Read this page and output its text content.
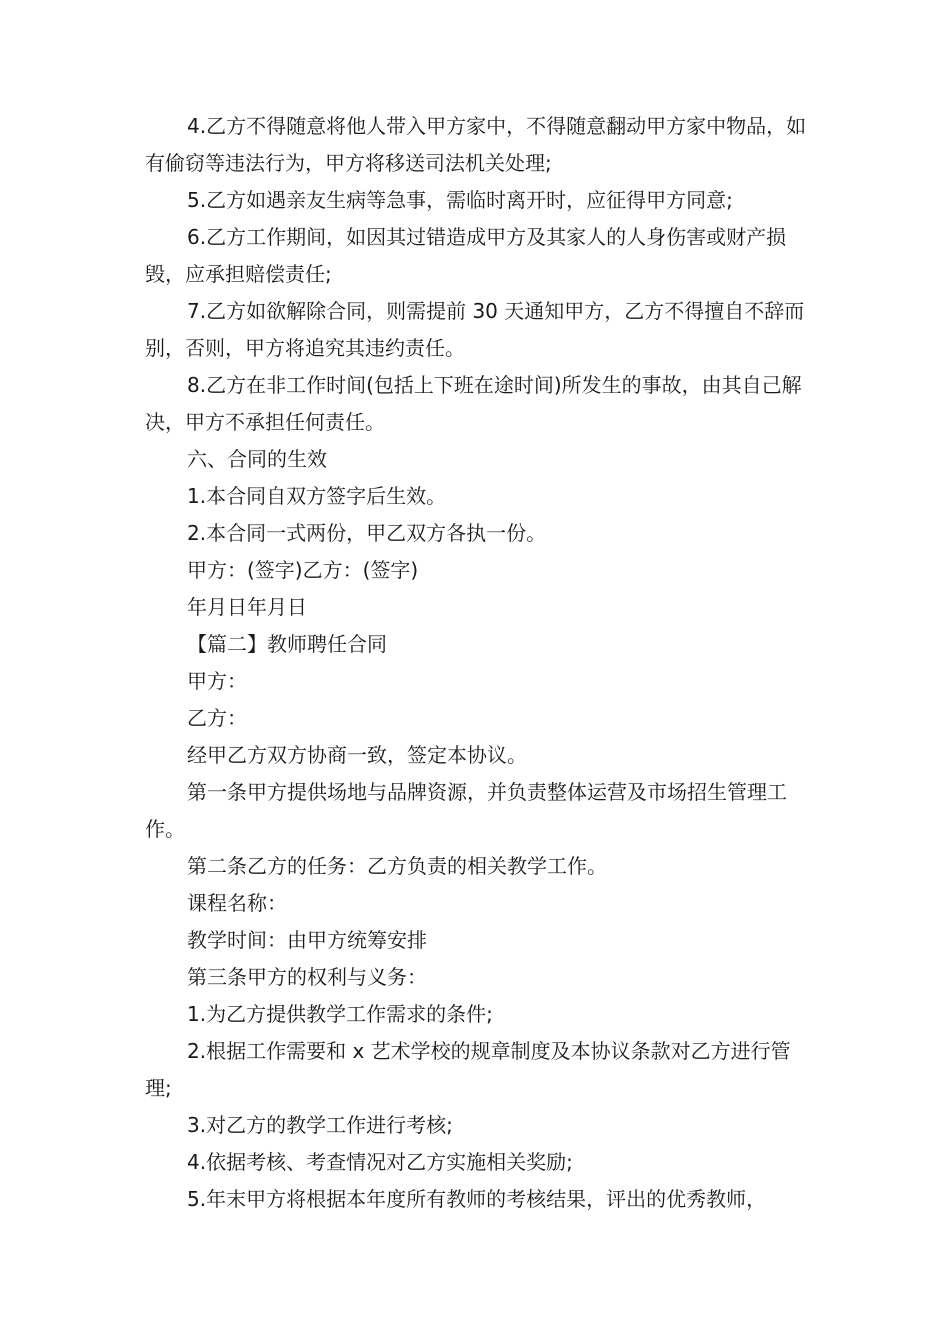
4.乙方不得随意将他人带入甲方家中，不得随意翻动甲方家中物品，如有偷窃等违法行为，甲方将移送司法机关处理;

5.乙方如遇亲友生病等急事，需临时离开时，应征得甲方同意;

6.乙方工作期间，如因其过错造成甲方及其家人的人身伤害或财产损毁，应承担赔偿责任;

7.乙方如欲解除合同，则需提前 30 天通知甲方，乙方不得擅自不辞而别，否则，甲方将追究其违约责任。

8.乙方在非工作时间(包括上下班在途时间)所发生的事故，由其自己解决，甲方不承担任何责任。

六、合同的生效

1.本合同自双方签字后生效。

2.本合同一式两份，甲乙双方各执一份。

甲方：(签字)乙方：(签字)

年月日年月日

【篇二】教师聘任合同

甲方：

乙方：

经甲乙方双方协商一致，签定本协议。

第一条甲方提供场地与品牌资源，并负责整体运营及市场招生管理工作。

第二条乙方的任务：乙方负责的相关教学工作。

课程名称：

教学时间：由甲方统筹安排

第三条甲方的权利与义务：

1.为乙方提供教学工作需求的条件;

2.根据工作需要和 x 艺术学校的规章制度及本协议条款对乙方进行管理;

3.对乙方的教学工作进行考核;

4.依据考核、考查情况对乙方实施相关奖励;

5.年末甲方将根据本年度所有教师的考核结果，评出的优秀教师，
